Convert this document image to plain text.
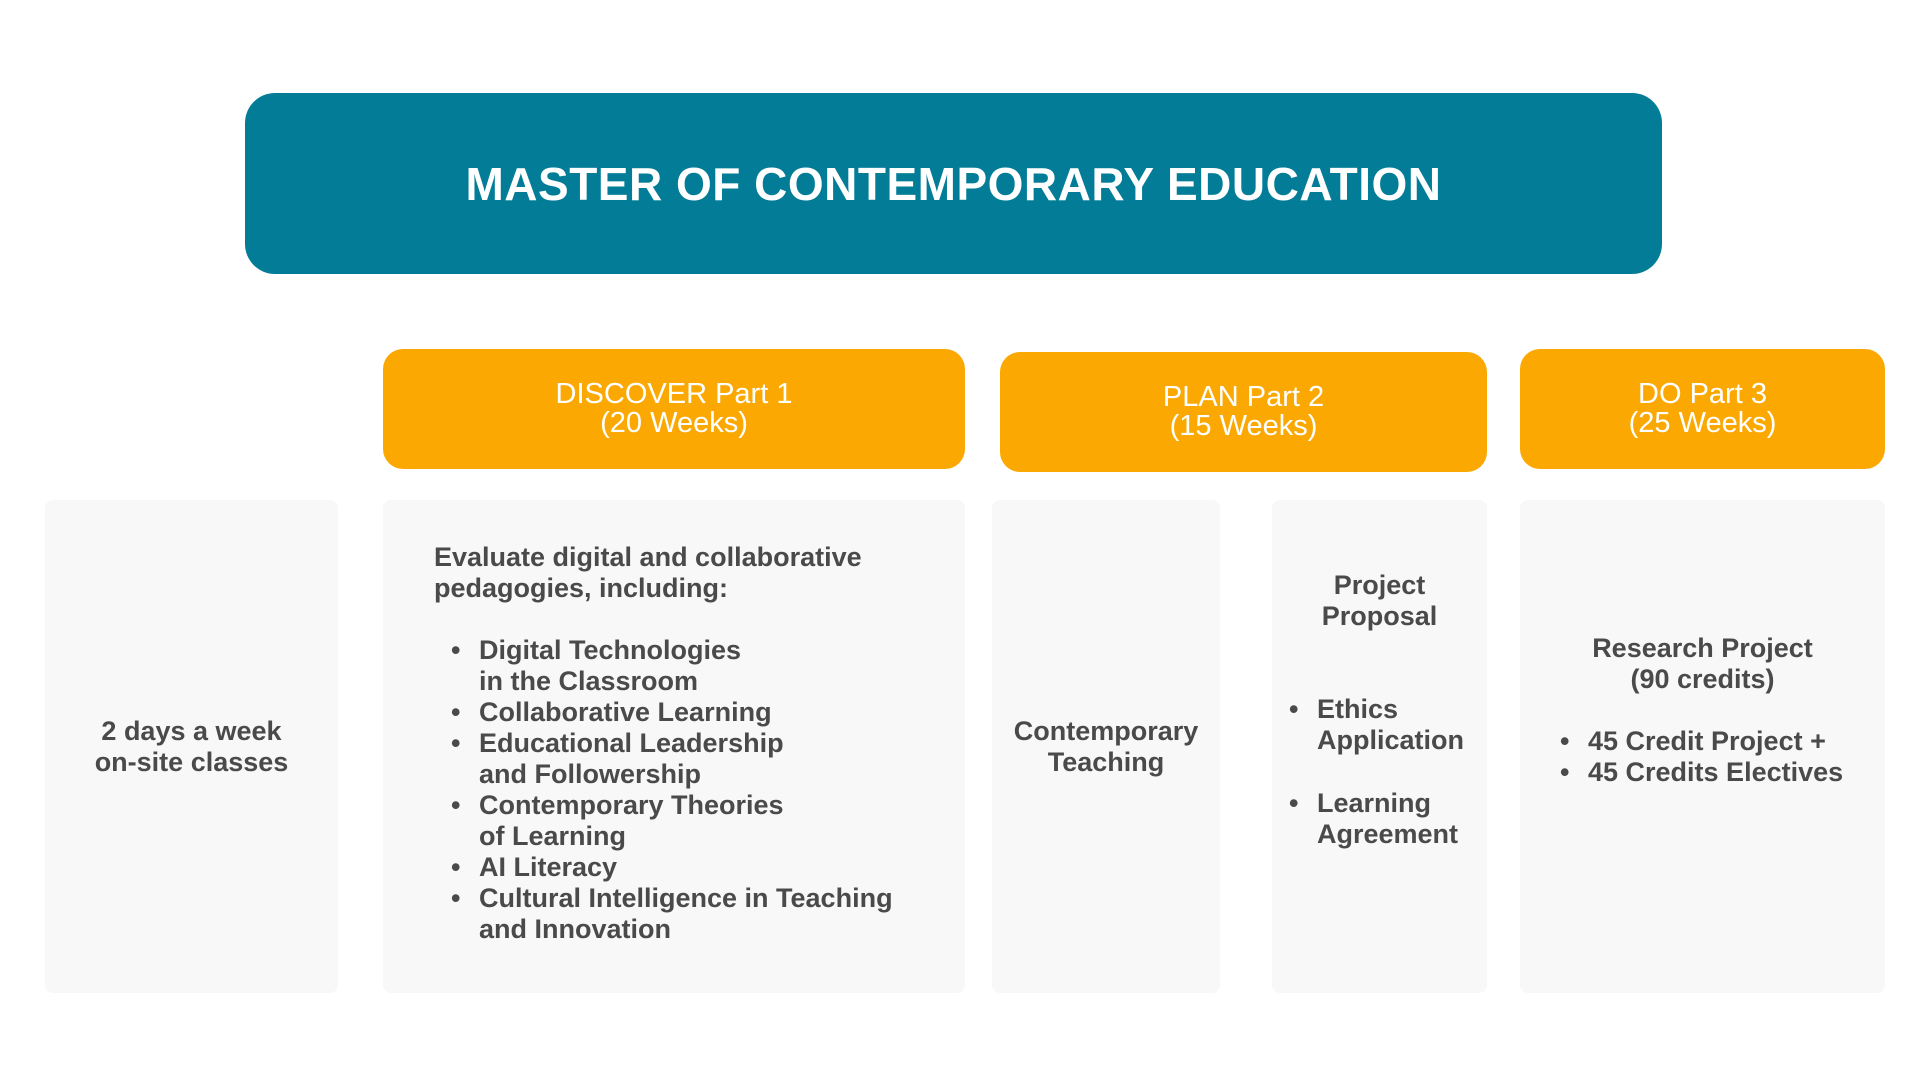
MASTER OF CONTEMPORARY EDUCATION
DISCOVER Part 1
(20 Weeks)
PLAN Part 2
(15 Weeks)
DO Part 3
(25 Weeks)
2 days a week
on-site classes
Evaluate digital and collaborative
pedagogies, including:
• Digital Technologies
in the Classroom
• Collaborative Learning
• Educational Leadership
and Followership
• Contemporary Theories
of Learning
• AI Literacy
• Cultural Intelligence in Teaching
and Innovation
Contemporary
Teaching
Project
Proposal
• Ethics
Application
• Learning
Agreement
Research Project
(90 credits)
• 45 Credit Project +
• 45 Credits Electives
